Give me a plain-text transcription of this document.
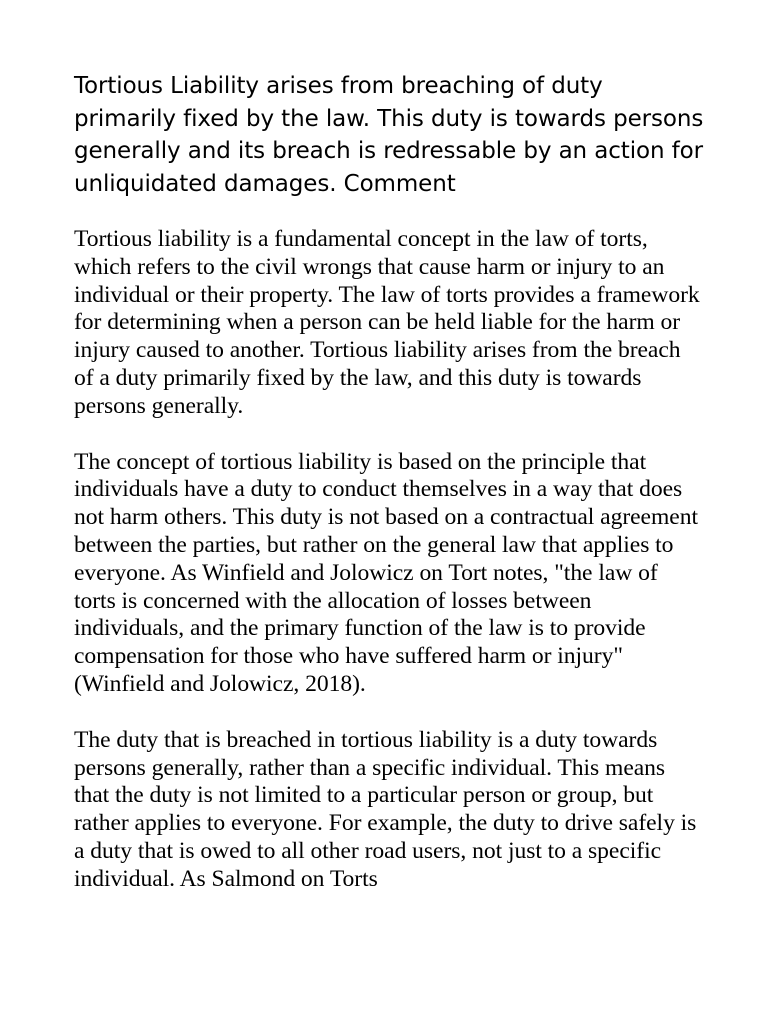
Tortious Liability arises from breaching of duty primarily fixed by the law. This duty is towards persons generally and its breach is redressable by an action for unliquidated damages. Comment

Tortious liability is a fundamental concept in the law of torts, which refers to the civil wrongs that cause harm or injury to an individual or their property. The law of torts provides a framework for determining when a person can be held liable for the harm or injury caused to another. Tortious liability arises from the breach of a duty primarily fixed by the law, and this duty is towards persons generally.

The concept of tortious liability is based on the principle that individuals have a duty to conduct themselves in a way that does not harm others. This duty is not based on a contractual agreement between the parties, but rather on the general law that applies to everyone. As Winfield and Jolowicz on Tort notes, "the law of torts is concerned with the allocation of losses between individuals, and the primary function of the law is to provide compensation for those who have suffered harm or injury" (Winfield and Jolowicz, 2018).

The duty that is breached in tortious liability is a duty towards persons generally, rather than a specific individual. This means that the duty is not limited to a particular person or group, but rather applies to everyone. For example, the duty to drive safely is a duty that is owed to all other road users, not just to a specific individual. As Salmond on Torts
